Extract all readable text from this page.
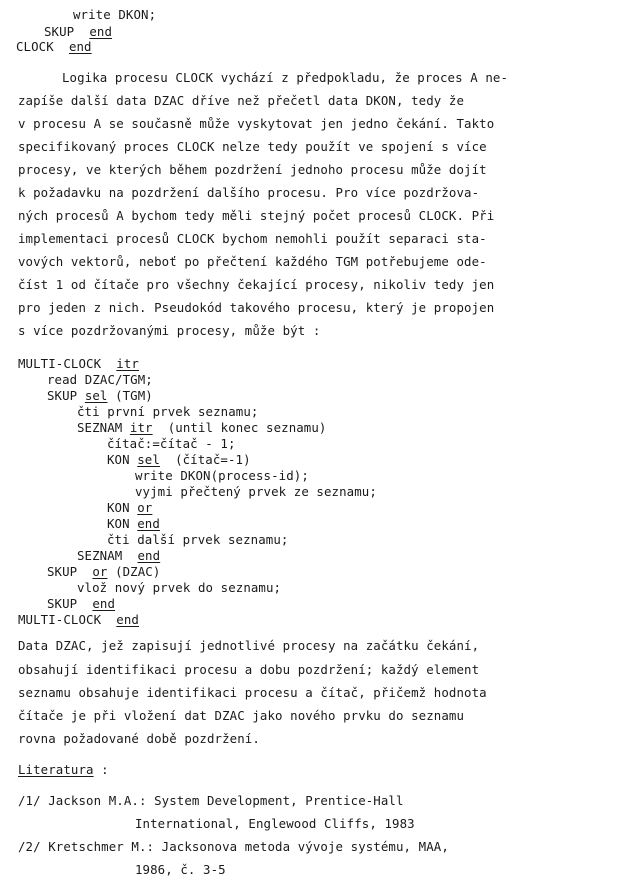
write DKON;
SKUP end
CLOCK end
Logika procesu CLOCK vychází z předpokladu, že proces A ne-
zapíše další data DZAC dříve než přečetl data DKON, tedy že
v procesu A se současně může vyskytovat jen jedno čekání. Takto
specifikovaný proces CLOCK nelze tedy použít ve spojení s více
procesy, ve kterých během pozdržení jednoho procesu může dojít
k požadavku na pozdržení dalšího procesu. Pro více pozdržova-
ných procesů A bychom tedy měli stejný počet procesů CLOCK. Při
implementaci procesů CLOCK bychom nemohli použít separaci sta-
vových vektorů, neboť po přečtení každého TGM potřebujeme ode-
číst 1 od čítače pro všechny čekající procesy, nikoliv tedy jen
pro jeden z nich. Pseudokód takového procesu, který je propojen
s více pozdržovanými procesy, může být :
MULTI-CLOCK itr
read DZAC/TGM;
SKUP sel (TGM)
čti první prvek seznamu;
SEZNAM itr (until konec seznamu)
čítač:=čítač - 1;
KON sel (čítač=-1)
write DKON(process-id);
vyjmi přečtený prvek ze seznamu;
KON or
KON end
čti další prvek seznamu;
SEZNAM end
SKUP or (DZAC)
vlož nový prvek do seznamu;
SKUP end
MULTI-CLOCK end
Data DZAC, jež zapisují jednotlivé procesy na začátku čekání,
obsahují identifikaci procesu a dobu pozdržení; každý element
seznamu obsahuje identifikaci procesu a čítač, přičemž hodnota
čítače je při vložení dat DZAC jako nového prvku do seznamu
rovna požadované době pozdržení.
Literatura :
/1/ Jackson M.A.: System Development, Prentice-Hall
International, Englewood Cliffs, 1983
/2/ Kretschmer M.: Jacksonova metoda vývoje systému, MAA,
1986, č. 3-5
